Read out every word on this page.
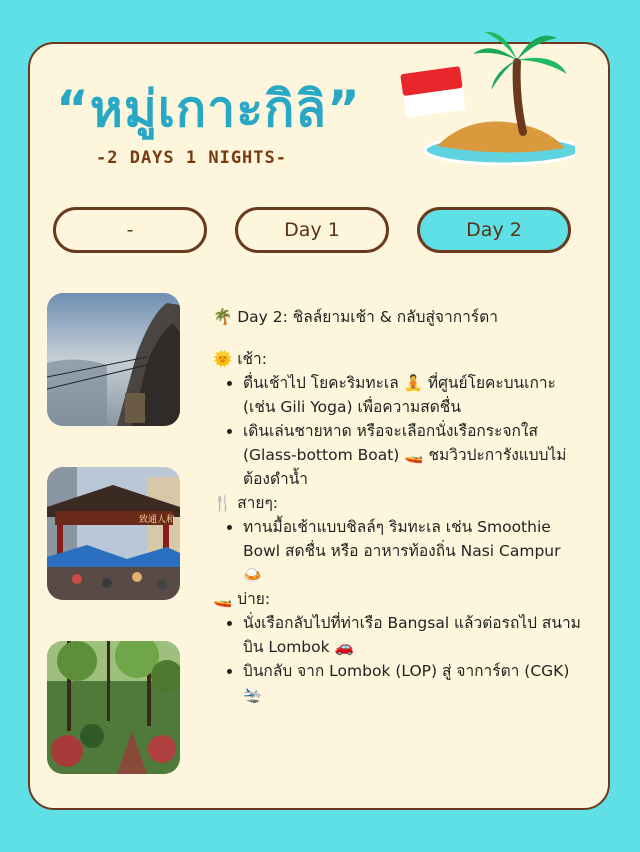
“หมู่เกาะกิลิ”
-2 DAYS 1 NIGHTS-
-	Day 1	Day 2
致通人和

🌴 Day 2: ชิลล์ยามเช้า & กลับสู่จาการ์ตา

🌞 เช้า:

• ตื่นเช้าไป โยคะริมทะเล 🧘 ที่ศูนย์โยคะบนเกาะ (เช่น Gili Yoga) เพื่อความสดชื่น
• เดินเล่นชายหาด หรือจะเลือกนั่งเรือกระจกใส (Glass-bottom Boat) 🚤 ชมวิวปะการังแบบไม่ต้องดำน้ำ

🍴 สายๆ:

• ทานมื้อเช้าแบบชิลล์ๆ ริมทะเล เช่น Smoothie Bowl สดชื่น หรือ อาหารท้องถิ่น Nasi Campur 🍛

🚤 บ่าย:

• นั่งเรือกลับไปที่ท่าเรือ Bangsal แล้วต่อรถไป สนามบิน Lombok 🚗
• บินกลับ จาก Lombok (LOP) สู่ จาการ์ตา (CGK) 🛬
